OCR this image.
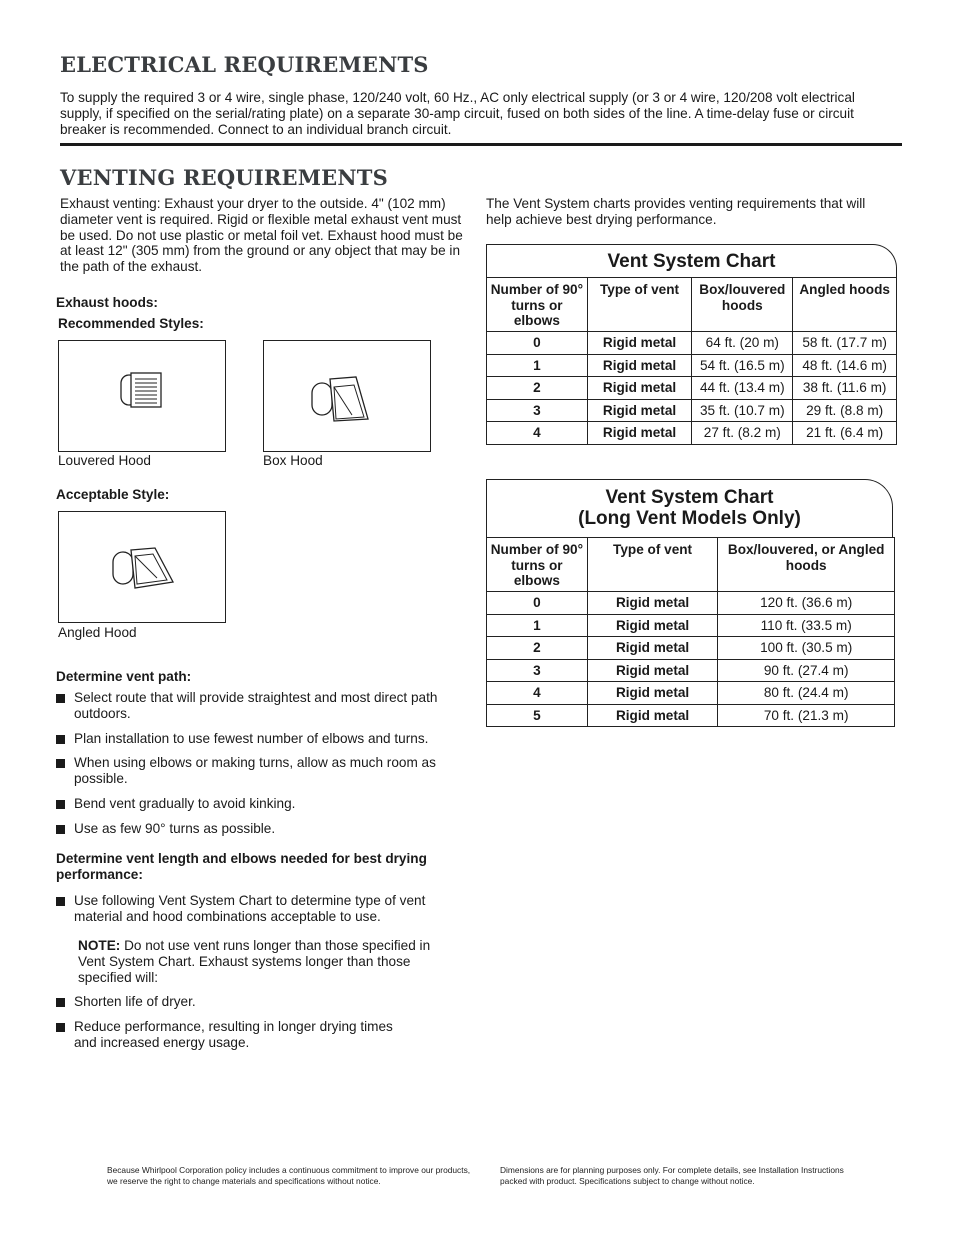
ELECTRICAL REQUIREMENTS
To supply the required 3 or 4 wire, single phase, 120/240 volt, 60 Hz., AC only electrical supply (or 3 or 4 wire, 120/208 volt electrical supply, if specified on the serial/rating plate) on a separate 30-amp circuit, fused on both sides of the line. A time-delay fuse or circuit breaker is recommended. Connect to an individual branch circuit.
VENTING REQUIREMENTS
Exhaust venting: Exhaust your dryer to the outside. 4" (102 mm) diameter vent is required. Rigid or flexible metal exhaust vent must be used. Do not use plastic or metal foil vet. Exhaust hood must be at least 12" (305 mm) from the ground or any object that may be in the path of the exhaust.
Exhaust hoods:
Recommended Styles:
Louvered Hood	Box Hood
Acceptable Style:
Angled Hood
Determine vent path:
Select route that will provide straightest and most direct path outdoors.
Plan installation to use fewest number of elbows and turns.
When using elbows or making turns, allow as much room as possible.
Bend vent gradually to avoid kinking.
Use as few 90° turns as possible.
Determine vent length and elbows needed for best drying performance:
Use following Vent System Chart to determine type of vent material and hood combinations acceptable to use.
NOTE: Do not use vent runs longer than those specified in Vent System Chart. Exhaust systems longer than those specified will:
Shorten life of dryer.
Reduce performance, resulting in longer drying times and increased energy usage.
The Vent System charts provides venting requirements that will help achieve best drying performance.
Vent System Chart
Number of 90° turns or elbows	Type of vent	Box/louvered hoods	Angled hoods
0	Rigid metal	64 ft. (20 m)	58 ft. (17.7 m)
1	Rigid metal	54 ft. (16.5 m)	48 ft. (14.6 m)
2	Rigid metal	44 ft. (13.4 m)	38 ft. (11.6 m)
3	Rigid metal	35 ft. (10.7 m)	29 ft. (8.8 m)
4	Rigid metal	27 ft. (8.2 m)	21 ft. (6.4 m)
Vent System Chart
(Long Vent Models Only)
Number of 90° turns or elbows	Type of vent	Box/louvered, or Angled hoods
0	Rigid metal	120 ft. (36.6 m)
1	Rigid metal	110 ft. (33.5 m)
2	Rigid metal	100 ft. (30.5 m)
3	Rigid metal	90 ft. (27.4 m)
4	Rigid metal	80 ft. (24.4 m)
5	Rigid metal	70 ft. (21.3 m)
Because Whirlpool Corporation policy includes a continuous commitment to improve our products, we reserve the right to change materials and specifications without notice.
Dimensions are for planning purposes only. For complete details, see Installation Instructions packed with product. Specifications subject to change without notice.
